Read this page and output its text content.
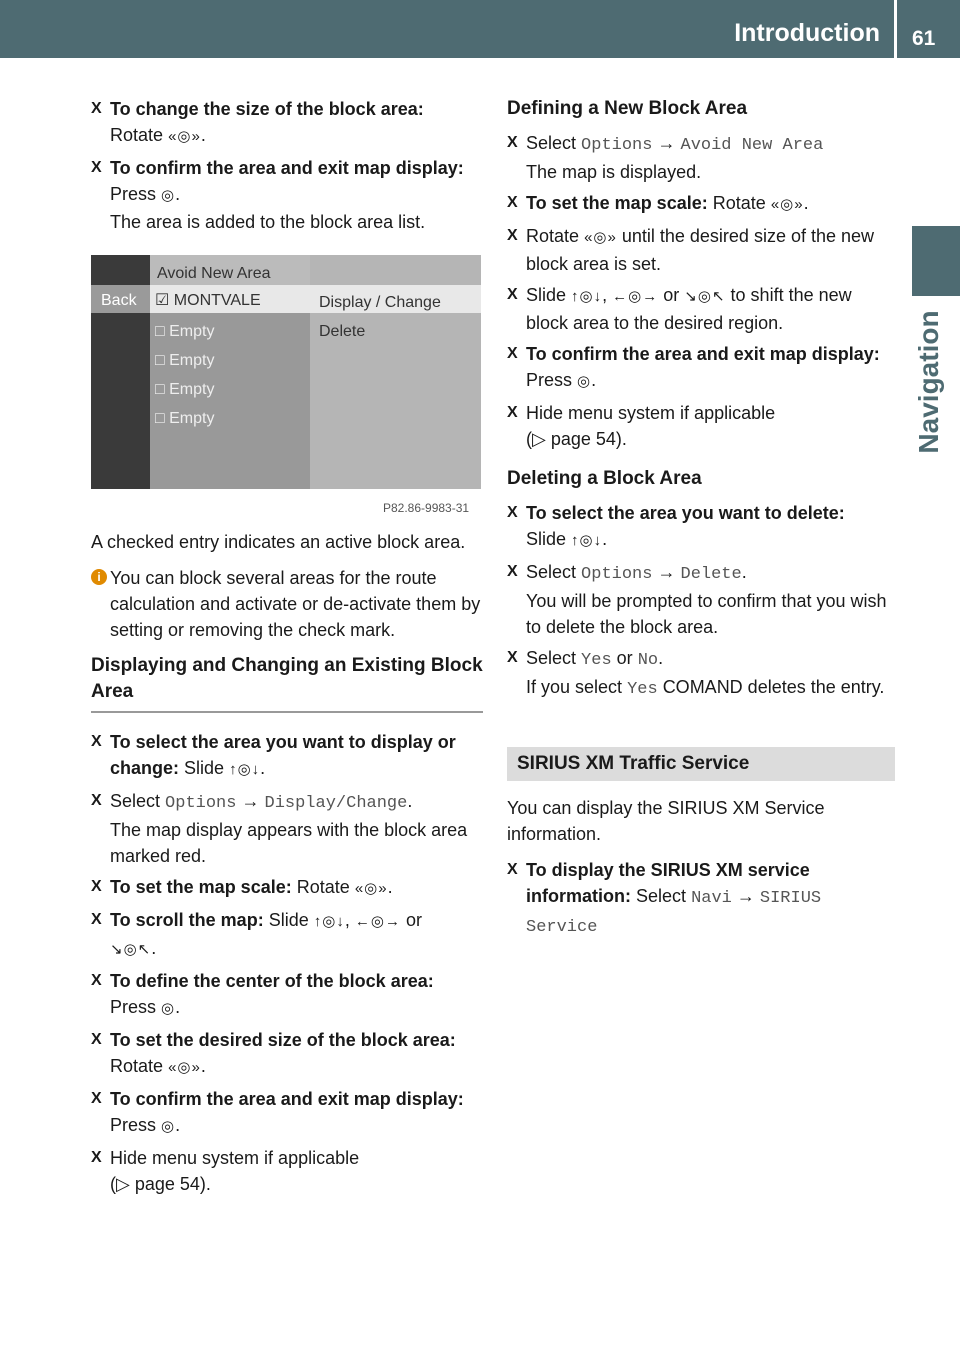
Introduction 61
Navigation
X To change the size of the block area:
Rotate «◎».
X To confirm the area and exit map display: Press ◎.
The area is added to the block area list.
Avoid New Area
Back ☑ MONTVALE	Display / Change
Delete
□ Empty
□ Empty
□ Empty
□ Empty
P82.86-9983-31
A checked entry indicates an active block area.
i You can block several areas for the route calculation and activate or de-activate them by setting or removing the check mark.
Displaying and Changing an Existing Block Area
X To select the area you want to display or change: Slide ↑◎↓.
X Select Options → Display/Change.
The map display appears with the block area marked red.
X To set the map scale: Rotate «◎».
X To scroll the map: Slide ↑◎↓, ←◎→ or
↘◎↖.
X To define the center of the block area:
Press ◎.
X To set the desired size of the block area:
Rotate «◎».
X To confirm the area and exit map display: Press ◎.
X Hide menu system if applicable
(▷ page 54).
Defining a New Block Area
X Select Options → Avoid New Area
The map is displayed.
X To set the map scale: Rotate «◎».
X Rotate «◎» until the desired size of the new block area is set.
X Slide ↑◎↓, ←◎→ or ↘◎↖ to shift the new block area to the desired region.
X To confirm the area and exit map display: Press ◎.
X Hide menu system if applicable
(▷ page 54).
Deleting a Block Area
X To select the area you want to delete:
Slide ↑◎↓.
X Select Options → Delete.
You will be prompted to confirm that you wish to delete the block area.
X Select Yes or No.
If you select Yes COMAND deletes the entry.
SIRIUS XM Traffic Service
You can display the SIRIUS XM Service information.
X To display the SIRIUS XM service information: Select Navi → SIRIUS Service
